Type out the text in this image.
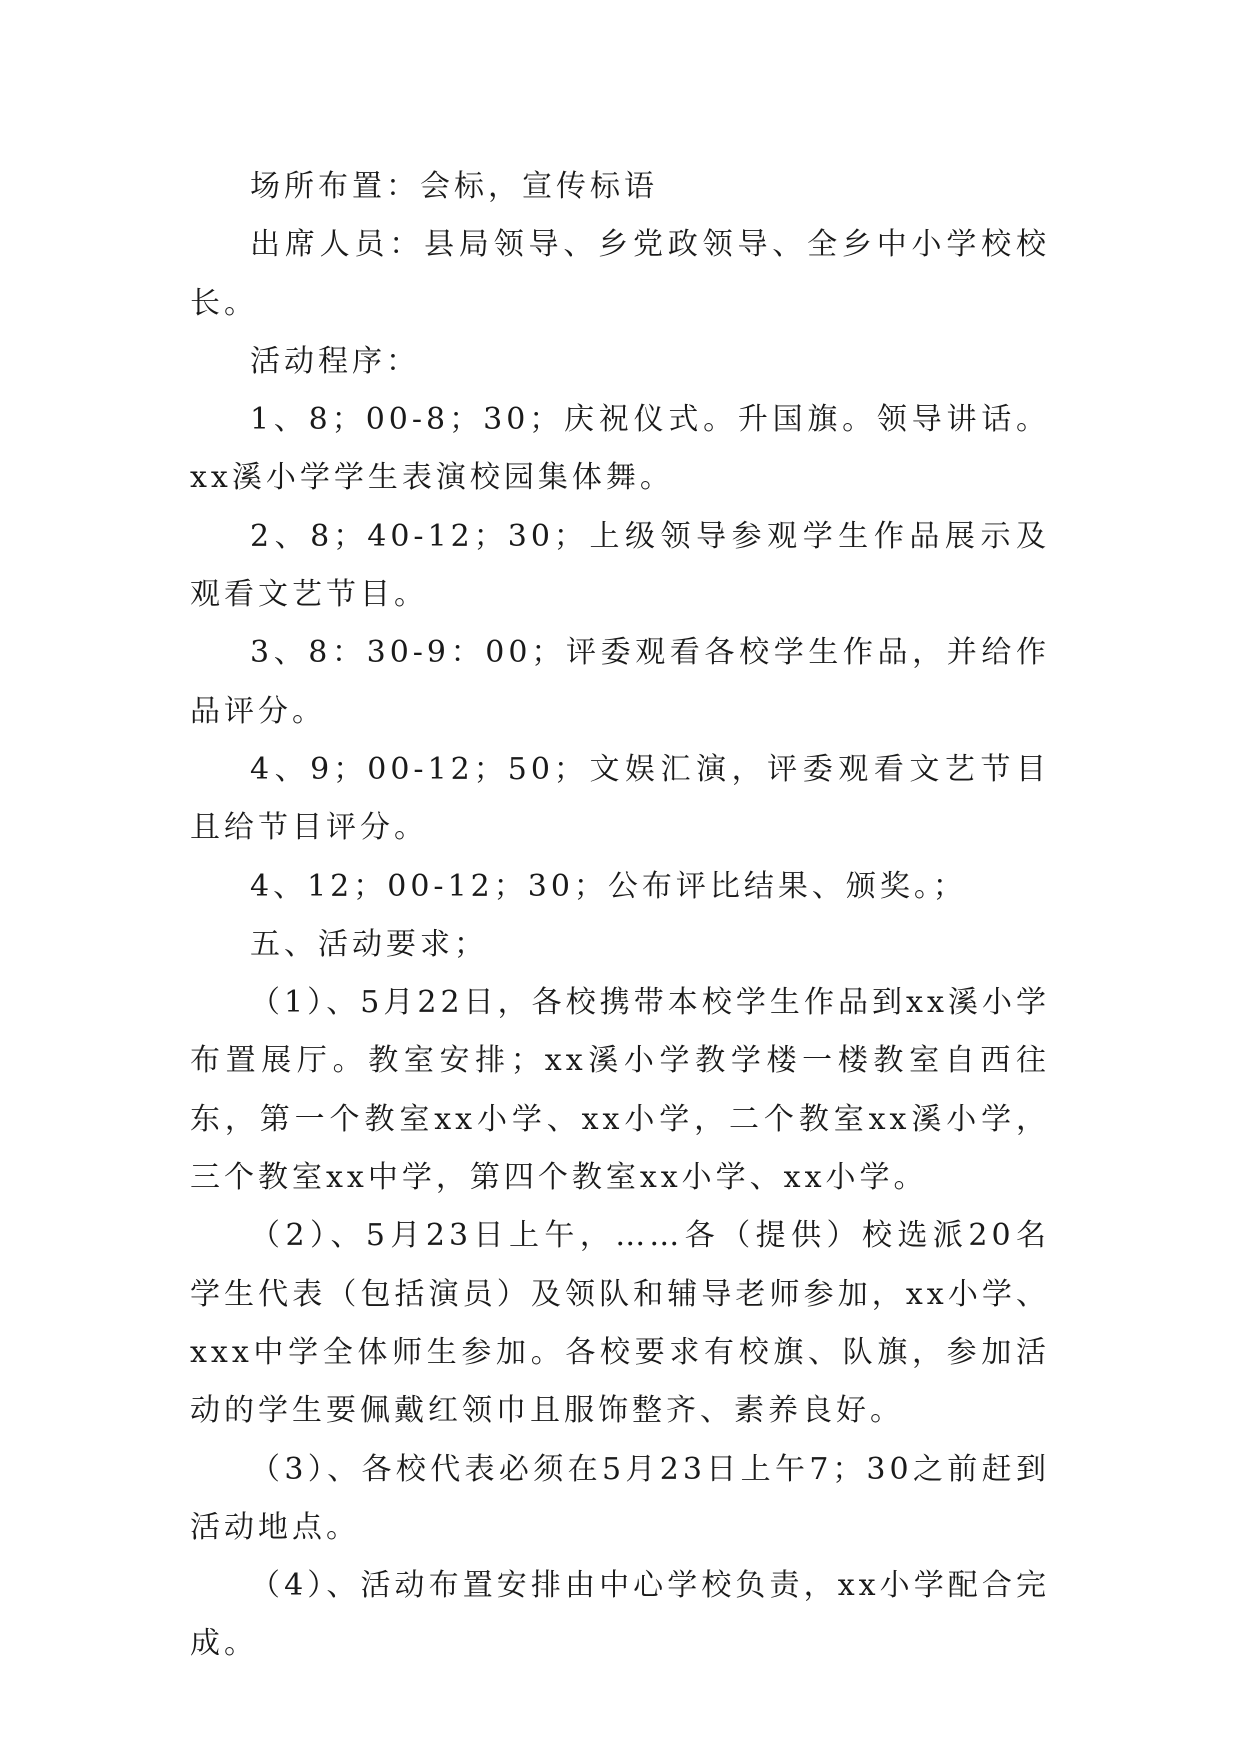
场所布置：会标，宣传标语

出席人员：县局领导、乡党政领导、全乡中小学校校长。

活动程序：

1、8；00-8；30；庆祝仪式。升国旗。领导讲话。xx溪小学学生表演校园集体舞。

2、8；40-12；30；上级领导参观学生作品展示及观看文艺节目。

3、8：30-9：00；评委观看各校学生作品，并给作品评分。

4、9；00-12；50；文娱汇演，评委观看文艺节目且给节目评分。

4、12；00-12；30；公布评比结果、颁奖。；

五、活动要求；

（1）、5月22日，各校携带本校学生作品到xx溪小学布置展厅。教室安排；xx溪小学教学楼一楼教室自西往东，第一个教室xx小学、xx小学，二个教室xx溪小学，三个教室xx中学，第四个教室xx小学、xx小学。

（2）、5月23日上午，……各（提供）校选派20名学生代表（包括演员）及领队和辅导老师参加，xx小学、xxx中学全体师生参加。各校要求有校旗、队旗，参加活动的学生要佩戴红领巾且服饰整齐、素养良好。

（3）、各校代表必须在5月23日上午7；30之前赶到活动地点。

（4）、活动布置安排由中心学校负责，xx小学配合完成。
